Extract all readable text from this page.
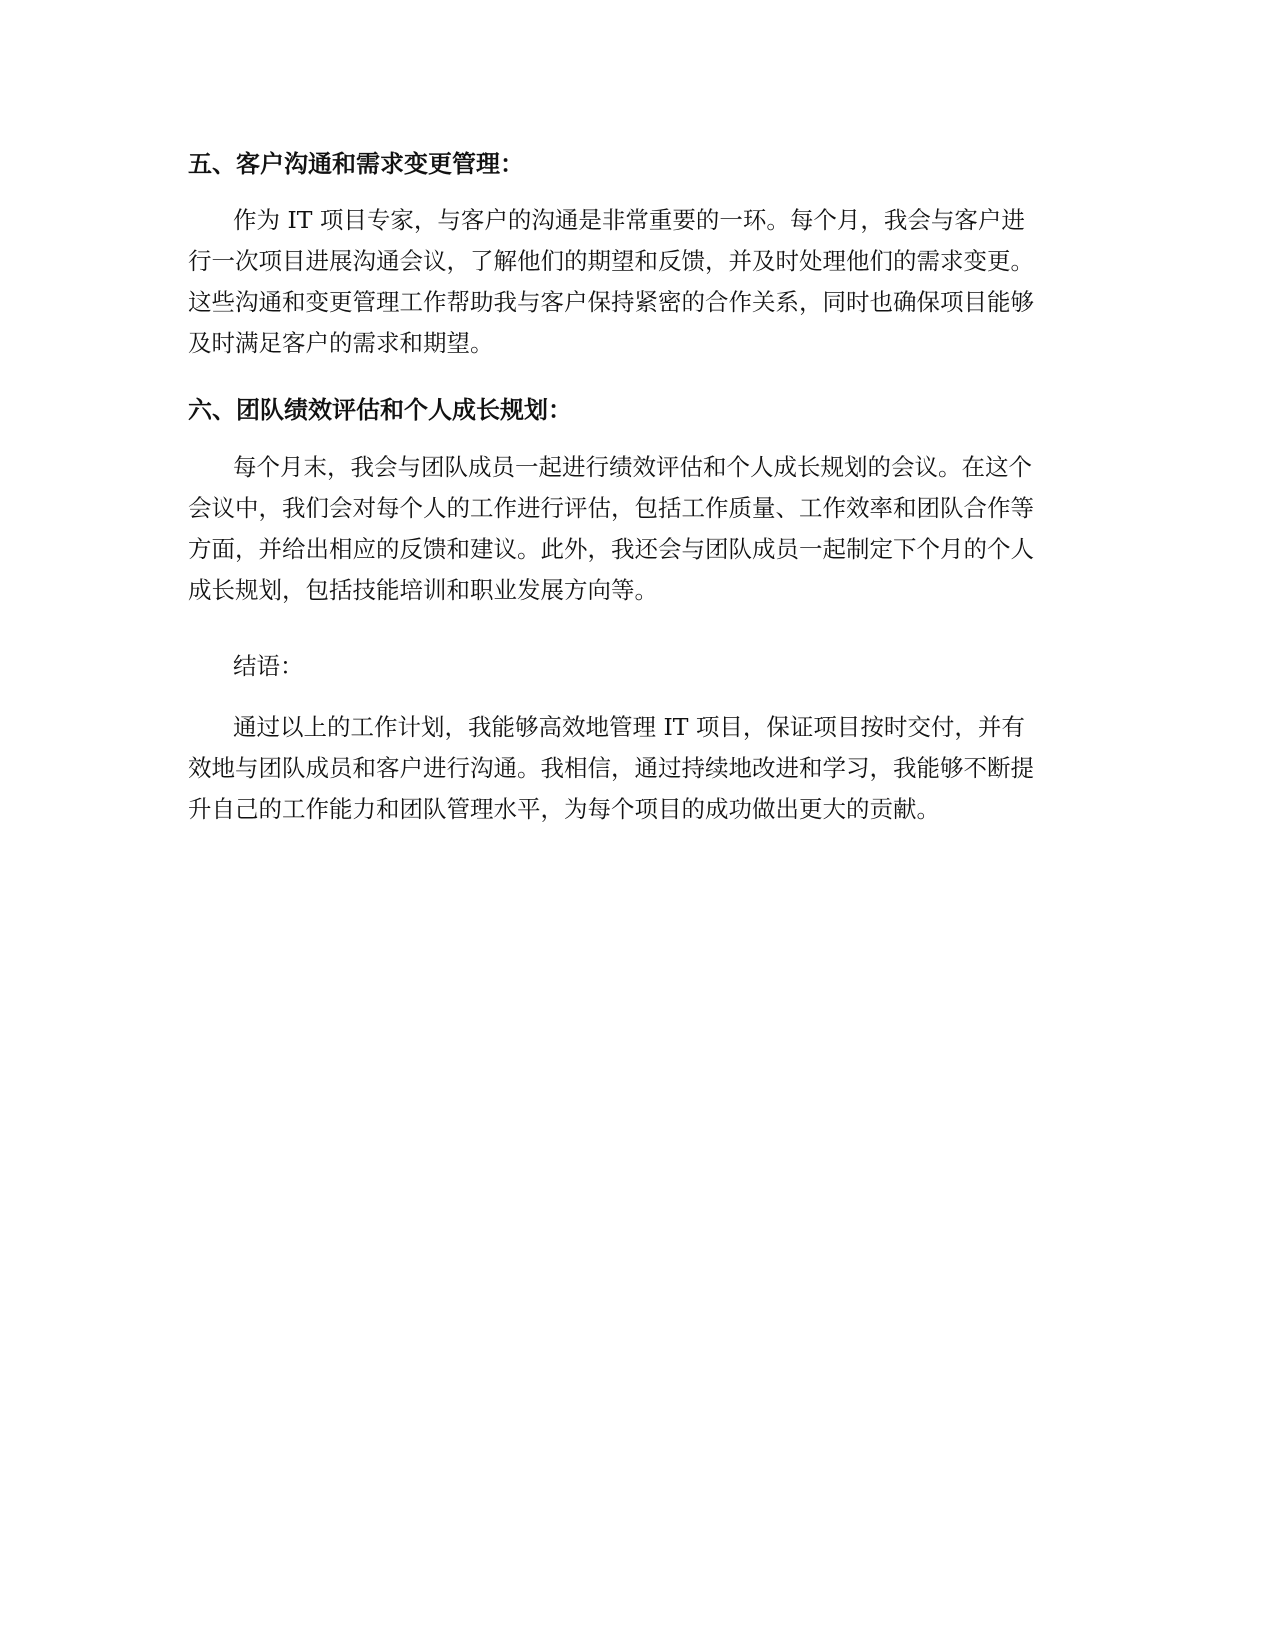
五、客户沟通和需求变更管理：

作为 IT 项目专家，与客户的沟通是非常重要的一环。每个月，我会与客户进
行一次项目进展沟通会议，了解他们的期望和反馈，并及时处理他们的需求变更。
这些沟通和变更管理工作帮助我与客户保持紧密的合作关系，同时也确保项目能够
及时满足客户的需求和期望。

六、团队绩效评估和个人成长规划：

每个月末，我会与团队成员一起进行绩效评估和个人成长规划的会议。在这个
会议中，我们会对每个人的工作进行评估，包括工作质量、工作效率和团队合作等
方面，并给出相应的反馈和建议。此外，我还会与团队成员一起制定下个月的个人
成长规划，包括技能培训和职业发展方向等。

结语：

通过以上的工作计划，我能够高效地管理 IT 项目，保证项目按时交付，并有
效地与团队成员和客户进行沟通。我相信，通过持续地改进和学习，我能够不断提
升自己的工作能力和团队管理水平，为每个项目的成功做出更大的贡献。
